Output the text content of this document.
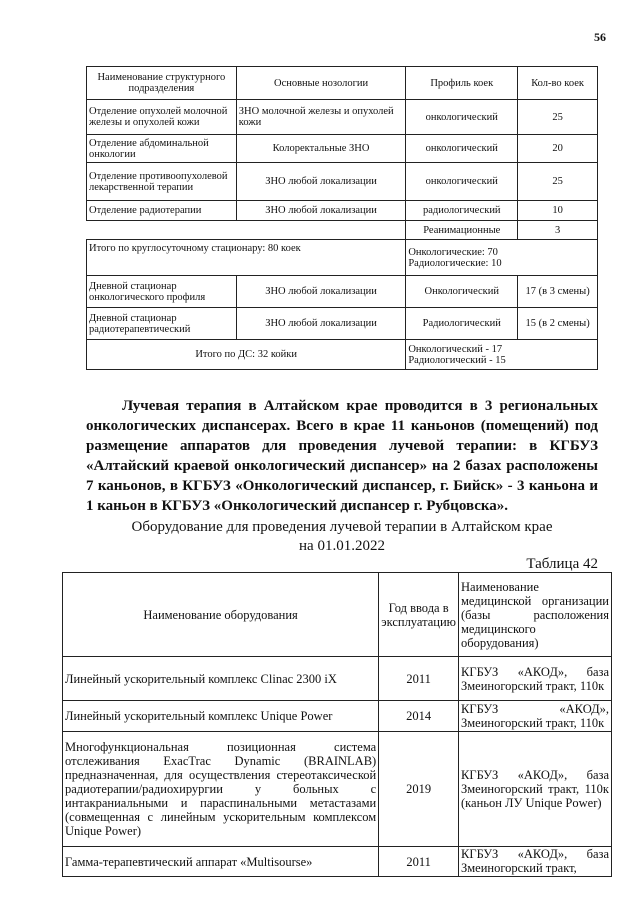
56
Наименование структурного подразделения	Основные нозологии	Профиль коек	Кол-во коек
Отделение опухолей молочной железы и опухолей кожи	ЗНО молочной железы и опухолей кожи	онкологический	25
Отделение абдоминальной онкологии	Колоректальные ЗНО	онкологический	20
Отделение противоопухолевой лекарственной терапии	ЗНО любой локализации	онкологический	25
Отделение радиотерапии	ЗНО любой локализации	радиологический	10
		Реанимационные	3
Итого по круглосуточному стационару: 80 коек		Онкологические: 70
Радиологические: 10	

Дневной стационар онкологического профиля	ЗНО любой локализации	Онкологический	17 (в 3 смены)
Дневной стационар радиотерапевтический	ЗНО любой локализации	Радиологический	15 (в 2 смены)
Итого по ДС: 32 койки		Онкологический - 17
Радиологический - 15	

Лучевая терапия в Алтайском крае проводится в 3 региональных онкологических диспансерах. Всего в крае 11 каньонов (помещений) под размещение аппаратов для проведения лучевой терапии: в КГБУЗ «Алтайский краевой онкологический диспансер» на 2 базах расположены 7 каньонов, в КГБУЗ «Онкологический диспансер, г. Бийск» - 3 каньона и 1 каньон в КГБУЗ «Онкологический диспансер г. Рубцовска».

Оборудование для проведения лучевой терапии в Алтайском крае
на 01.01.2022
Таблица 42
Наименование оборудования	Год ввода в эксплуатацию	Наименование медицинской организации (базы расположения медицинского оборудования)
Линейный ускорительный комплекс Clinac 2300 iX	2011	КГБУЗ «АКОД», база Змеиногорский тракт, 110к
Линейный ускорительный комплекс Unique Power	2014	КГБУЗ «АКОД», Змеиногорский тракт, 110к
Многофункциональная позиционная система отслеживания ExacTrac Dynamic (BRAINLAB) предназначенная, для осуществления стереотаксической радиотерапии/радиохирургии у больных с интакраниальными и параспинальными метастазами (совмещенная с линейным ускорительным комплексом Unique Power)	2019	КГБУЗ «АКОД», база Змеиногорский тракт, 110к (каньон ЛУ Unique Power)
Гамма-терапевтический аппарат «Multisourse»	2011	КГБУЗ «АКОД», база Змеиногорский тракт,
